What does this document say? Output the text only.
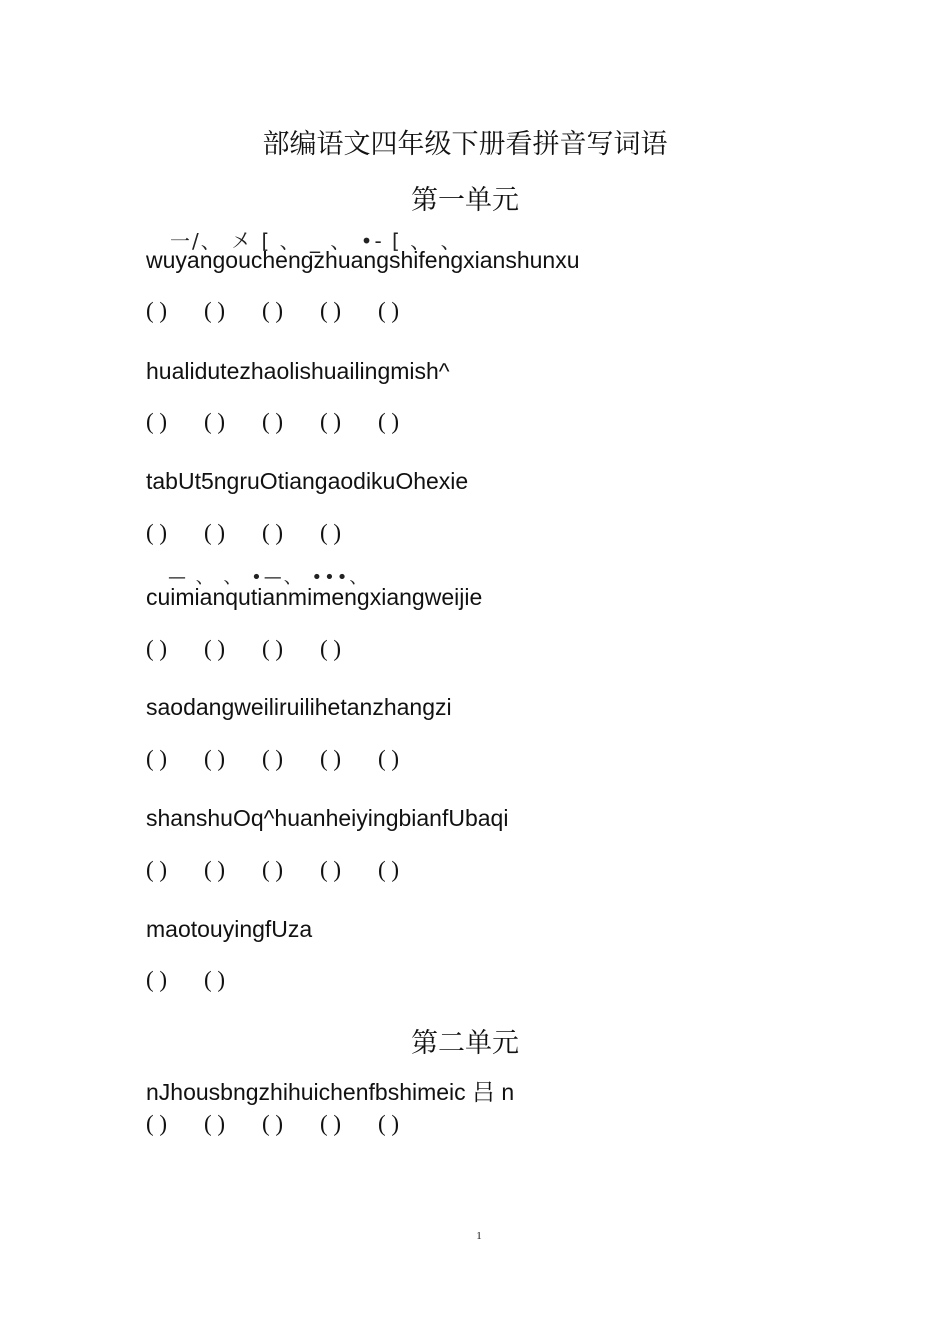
部编语文四年级下册看拼音写词语
第一单元
一/、 㐅 [ 、 _ 、 •- [ 、 、
wuyangouchengzhuangshifengxianshunxu
( )	( )	( )	( )	( )
hualidutezhaolishuailingmish^
( )	( )	( )	( )	( )
tabUt5ngruOtiangaodikuOhexie
( )	( )	( )	( )
— 、 、 •—、 •••、
cuimianqutianmimengxiangweijie
( )	( )	( )	( )
saodangweiliruilihetanzhangzi
( )	( )	( )	( )	( )
shanshuOq^huanheiyingbianfUbaqi
( )	( )	( )	( )	( )
maotouyingfUza
( )	( )
第二单元
nJhousbngzhihuichenfbshimeic 吕 n
( )	( )	( )	( )	( )
1
